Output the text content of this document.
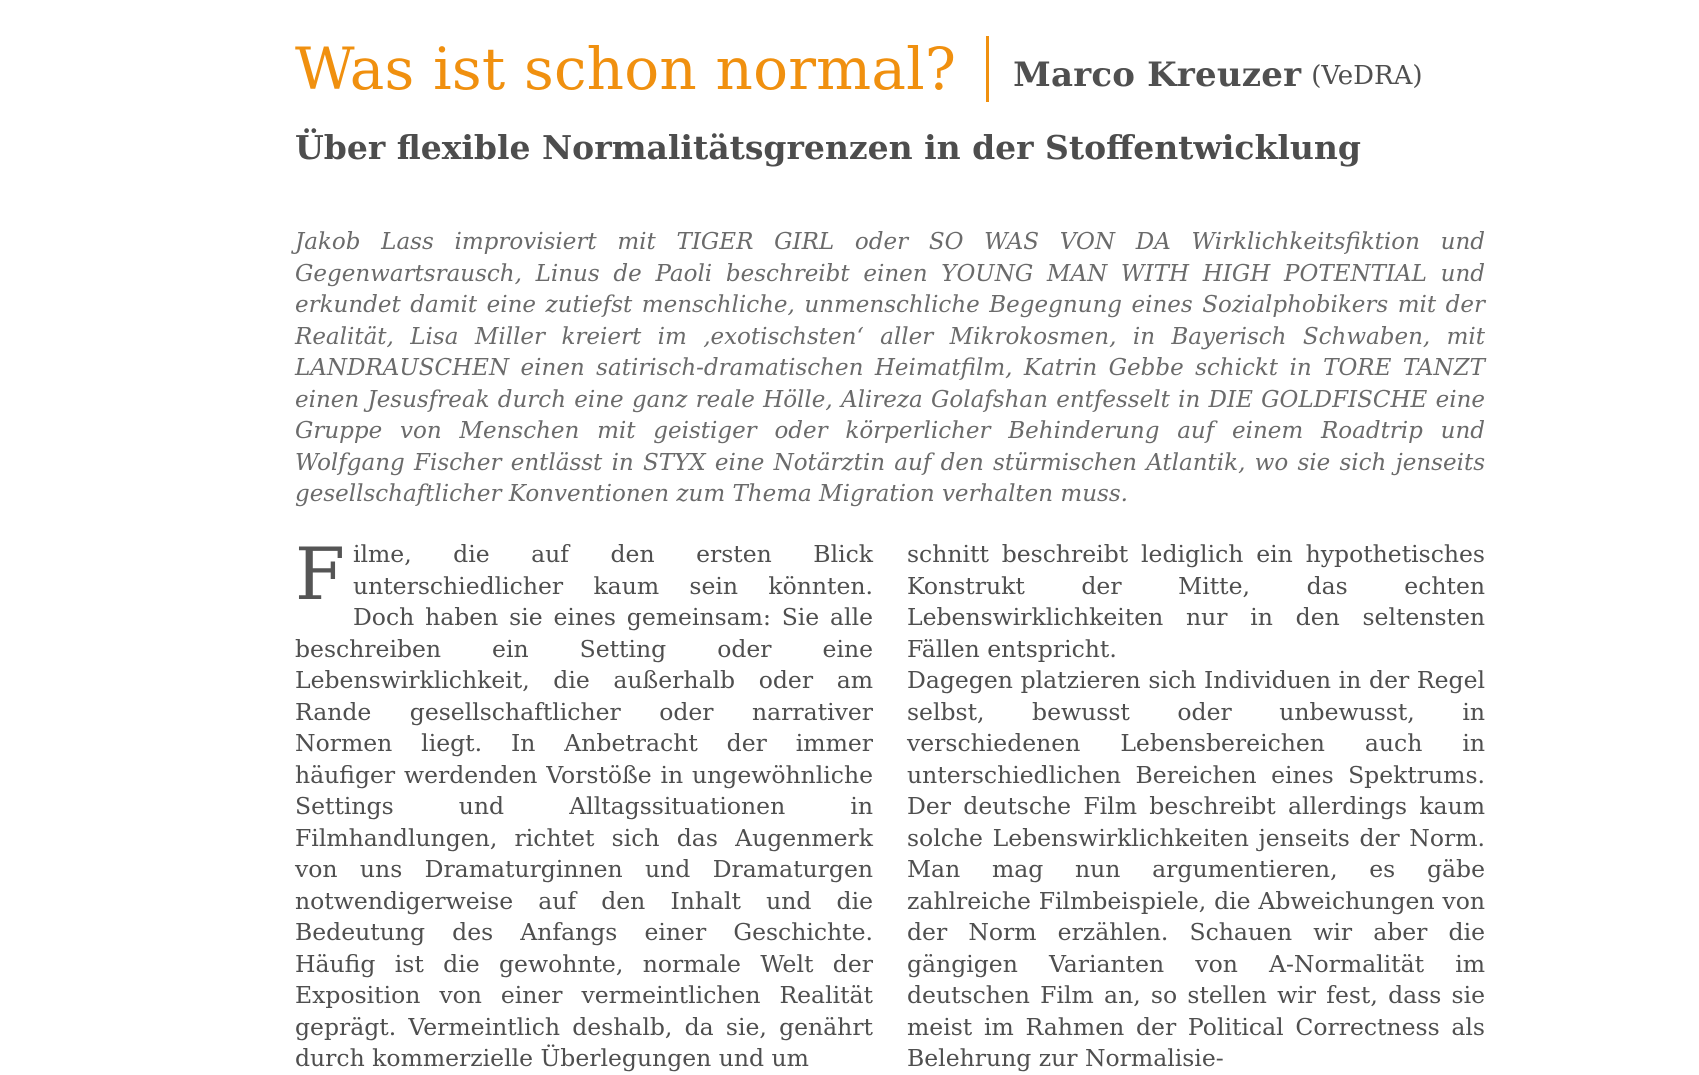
Was ist schon normal? Marco Kreuzer (VeDRA)
Über flexible Normalitätsgrenzen in der Stoffentwicklung

Jakob Lass improvisiert mit TIGER GIRL oder SO WAS VON DA Wirklichkeitsfiktion und Gegenwartsrausch, Linus de Paoli beschreibt einen YOUNG MAN WITH HIGH POTENTIAL und erkundet damit eine zutiefst menschliche, unmenschliche Begegnung eines Sozialphobikers mit der Realität, Lisa Miller kreiert im ‚exotischsten‘ aller Mikrokosmen, in Bayerisch Schwaben, mit LANDRAUSCHEN einen satirisch-dramatischen Heimatfilm, Katrin Gebbe schickt in TORE TANZT einen Jesusfreak durch eine ganz reale Hölle, Alireza Golafshan entfesselt in DIE GOLDFISCHE eine Gruppe von Menschen mit geistiger oder körperlicher Behinderung auf einem Roadtrip und Wolfgang Fischer entlässt in STYX eine Notärztin auf den stürmischen Atlantik, wo sie sich jenseits gesellschaftlicher Konventionen zum Thema Migration verhalten muss.

Filme, die auf den ersten Blick unterschiedlicher kaum sein könnten. Doch haben sie eines gemeinsam: Sie alle beschreiben ein Setting oder eine Lebenswirklichkeit, die außerhalb oder am Rande gesellschaftlicher oder narrativer Normen liegt. In Anbetracht der immer häufiger werdenden Vorstöße in ungewöhnliche Settings und Alltagssituationen in Filmhandlungen, richtet sich das Augenmerk von uns Dramaturginnen und Dramaturgen notwendigerweise auf den Inhalt und die Bedeutung des Anfangs einer Geschichte. Häufig ist die gewohnte, normale Welt der Exposition von einer vermeintlichen Realität geprägt. Vermeintlich deshalb, da sie, genährt durch kommerzielle Überlegungen und um

schnitt beschreibt lediglich ein hypothetisches Konstrukt der Mitte, das echten Lebenswirklichkeiten nur in den seltensten Fällen entspricht.

Dagegen platzieren sich Individuen in der Regel selbst, bewusst oder unbewusst, in verschiedenen Lebensbereichen auch in unterschiedlichen Bereichen eines Spektrums. Der deutsche Film beschreibt allerdings kaum solche Lebenswirklichkeiten jenseits der Norm. Man mag nun argumentieren, es gäbe zahlreiche Filmbeispiele, die Abweichungen von der Norm erzählen. Schauen wir aber die gängigen Varianten von A-Normalität im deutschen Film an, so stellen wir fest, dass sie meist im Rahmen der Political Correctness als Belehrung zur Normalisie-
